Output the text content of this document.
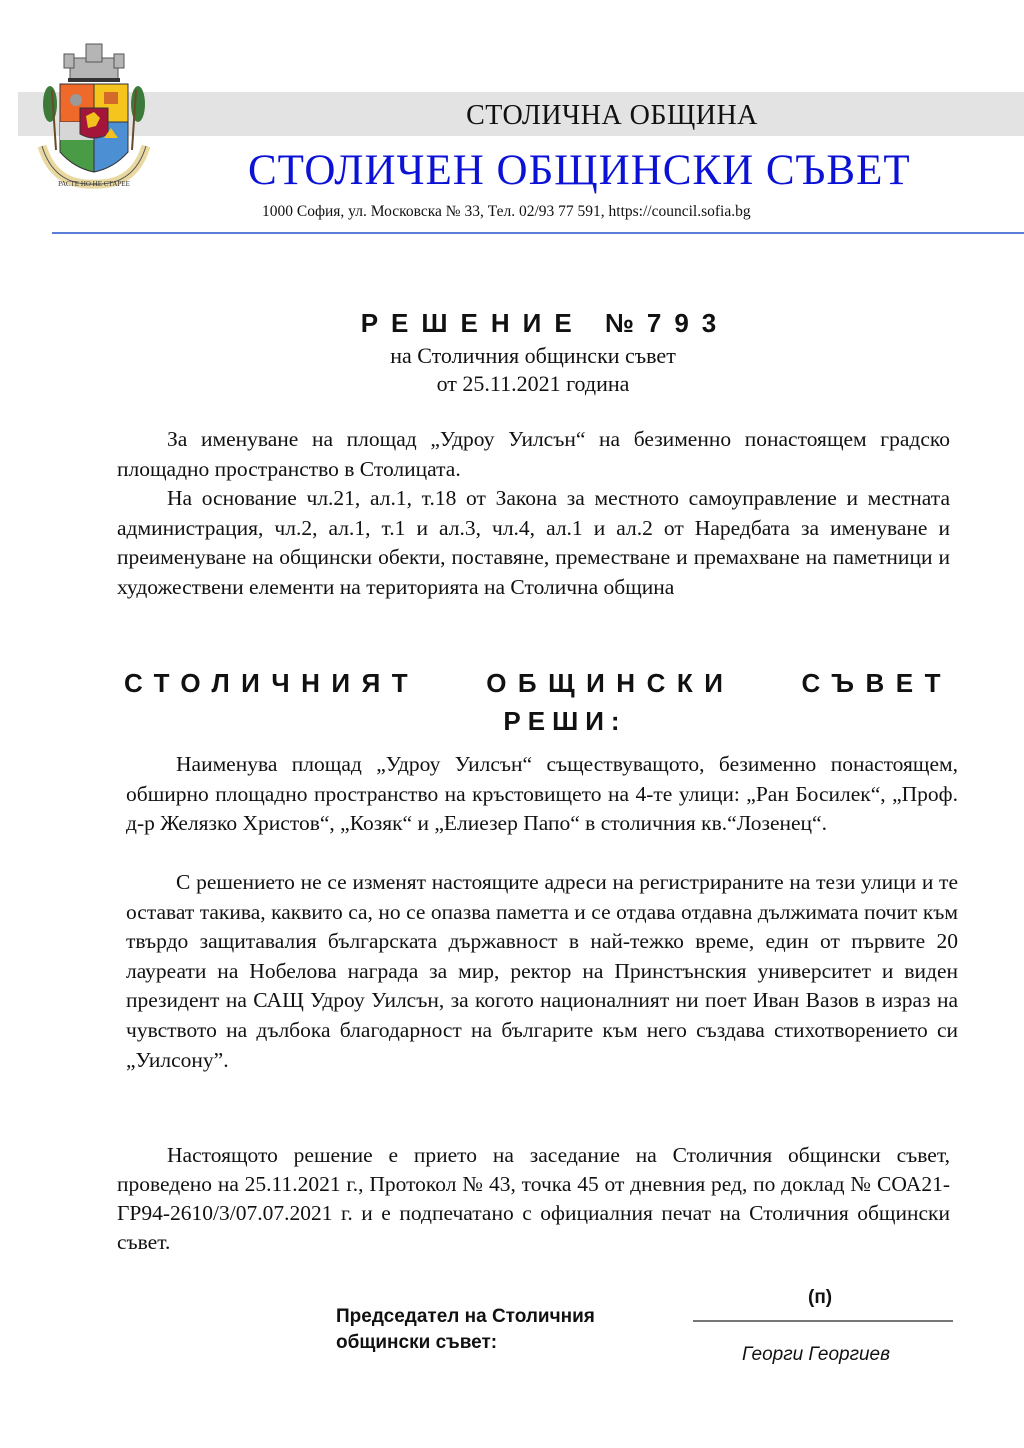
РАСТЕ НО НЕ СТАРЕЕ
СТОЛИЧНА ОБЩИНА
СТОЛИЧЕН ОБЩИНСКИ СЪВЕТ
1000 София, ул. Московска № 33, Тел. 02/93 77 591, https://council.sofia.bg
РЕШЕНИЕ №793
на Столичния общински съвет
от 25.11.2021 година
За именуване на площад „Удроу Уилсън“ на безименно понастоящем градско площадно пространство в Столицата.
На основание чл.21, ал.1, т.18 от Закона за местното самоуправление и местната администрация, чл.2, ал.1, т.1 и ал.3, чл.4, ал.1 и ал.2 от Наредбата за именуване и преименуване на общински обекти, поставяне, преместване и премахване на паметници и художествени елементи на територията на Столична община
СТОЛИЧНИЯТ ОБЩИНСКИ СЪВЕТ
РЕШИ:
Наименува площад „Удроу Уилсън“ съществуващото, безименно понастоящем, обширно площадно пространство на кръстовището на 4-те улици: „Ран Босилек“, „Проф. д-р Желязко Христов“, „Козяк“ и „Елиезер Папо“ в столичния кв.“Лозенец“.
С решението не се изменят настоящите адреси на регистрираните на тези улици и те остават такива, каквито са, но се опазва паметта и се отдава отдавна дължимата почит към твърдо защитавалия българската държавност в най-тежко време, един от първите 20 лауреати на Нобелова награда за мир, ректор на Принстънския университет и виден президент на САЩ Удроу Уилсън, за когото националният ни поет Иван Вазов в израз на чувството на дълбока благодарност на българите към него създава стихотворението си „Уилсону”.
Настоящото решение е прието на заседание на Столичния общински съвет, проведено на 25.11.2021 г., Протокол № 43, точка 45 от дневния ред, по доклад № СОА21-ГР94-2610/3/07.07.2021 г. и е подпечатано с официалния печат на Столичния общински съвет.
Председател на Столичния
общински съвет:
(п)
Георги Георгиев
